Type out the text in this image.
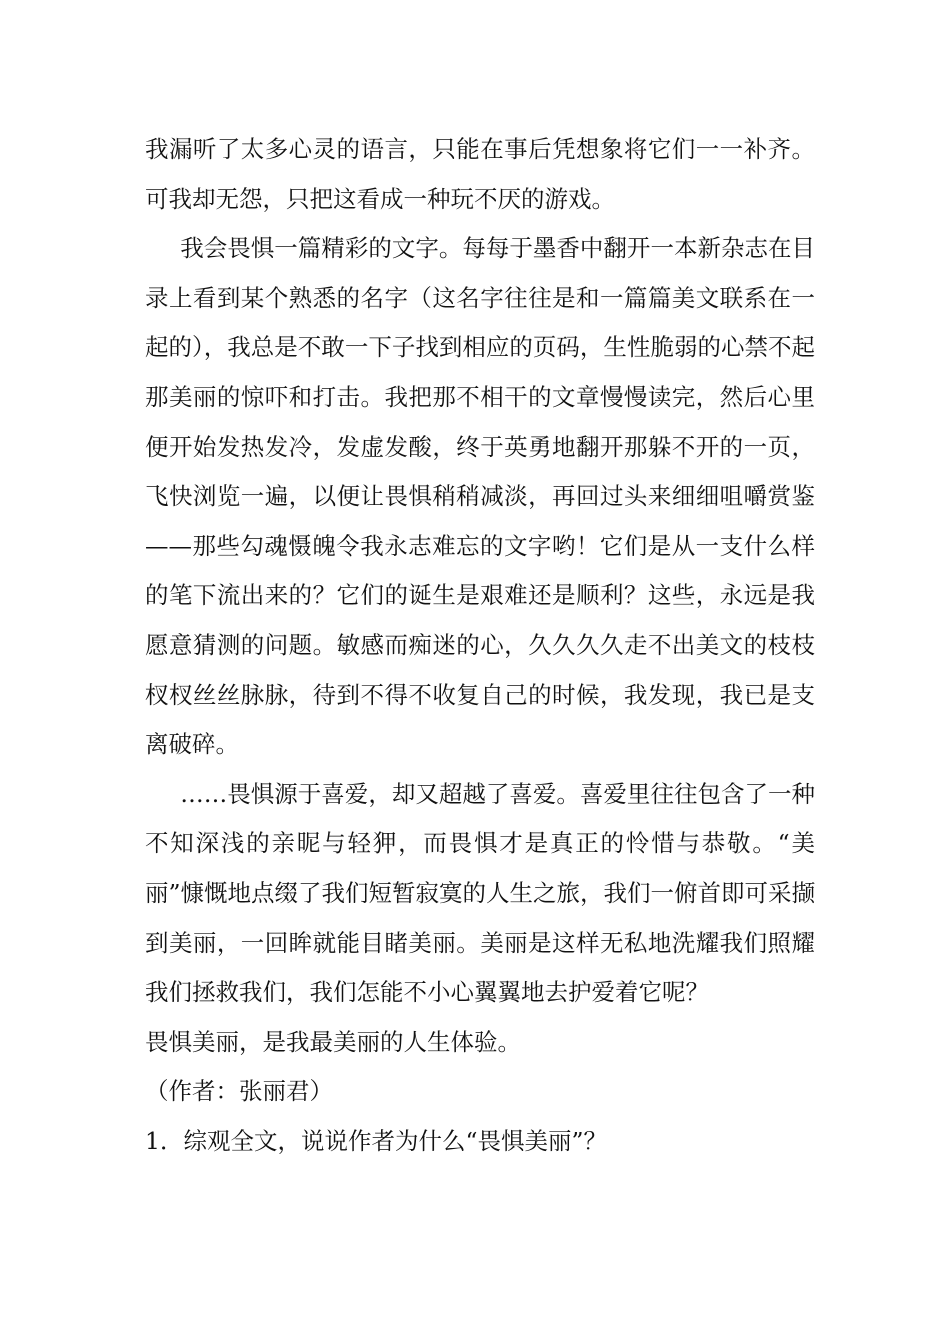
我漏听了太多心灵的语言，只能在事后凭想象将它们一一补齐。可我却无怨，只把这看成一种玩不厌的游戏。

我会畏惧一篇精彩的文字。每每于墨香中翻开一本新杂志在目录上看到某个熟悉的名字（这名字往往是和一篇篇美文联系在一起的），我总是不敢一下子找到相应的页码，生性脆弱的心禁不起那美丽的惊吓和打击。我把那不相干的文章慢慢读完，然后心里便开始发热发冷，发虚发酸，终于英勇地翻开那躲不开的一页，飞快浏览一遍，以便让畏惧稍稍减淡，再回过头来细细咀嚼赏鉴——那些勾魂慑魄令我永志难忘的文字哟！它们是从一支什么样的笔下流出来的？它们的诞生是艰难还是顺利？这些，永远是我愿意猜测的问题。敏感而痴迷的心，久久久久走不出美文的枝枝杈杈丝丝脉脉，待到不得不收复自己的时候，我发现，我已是支离破碎。

……畏惧源于喜爱，却又超越了喜爱。喜爱里往往包含了一种不知深浅的亲昵与轻狎，而畏惧才是真正的怜惜与恭敬。“美丽”慷慨地点缀了我们短暂寂寞的人生之旅，我们一俯首即可采撷到美丽，一回眸就能目睹美丽。美丽是这样无私地洗耀我们照耀我们拯救我们，我们怎能不小心翼翼地去护爱着它呢？

畏惧美丽，是我最美丽的人生体验。

（作者：张丽君）

1．综观全文，说说作者为什么“畏惧美丽”？
